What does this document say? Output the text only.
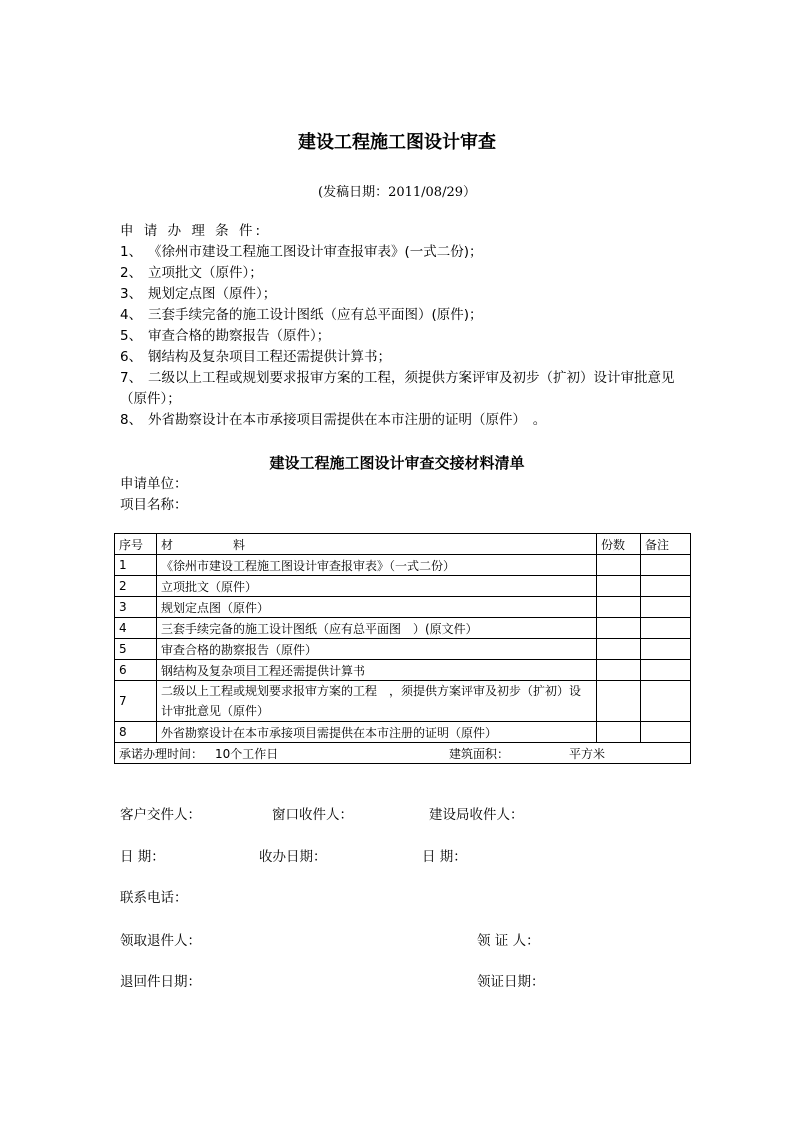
建设工程施工图设计审查
(发稿日期：2011/08/29）
申 请 办 理 条 件:
1、 《徐州市建设工程施工图设计审查报审表》(一式二份)；
2、 立项批文（原件）；
3、 规划定点图（原件）；
4、 三套手续完备的施工设计图纸（应有总平面图）(原件)；
5、 审查合格的勘察报告（原件）；
6、 钢结构及复杂项目工程还需提供计算书；
7、 二级以上工程或规划要求报审方案的工程，须提供方案评审及初步（扩初）设计审批意见（原件）；
8、 外省勘察设计在本市承接项目需提供在本市注册的证明（原件）　。
建设工程施工图设计审查交接材料清单
申请单位：
项目名称：
序号	材　　　　　料	份数	备注
1	《徐州市建设工程施工图设计审查报审表》（一式二份）		
2	立项批文（原件）		
3	规划定点图（原件）		
4	三套手续完备的施工设计图纸（应有总平面图　）(原文件）		
5	审查合格的勘察报告（原件）		
6	钢结构及复杂项目工程还需提供计算书		
7	二级以上工程或规划要求报审方案的工程　，须提供方案评审及初步（扩初）设计审批意见（原件）		
8	外省勘察设计在本市承接项目需提供在本市注册的证明（原件）		

承诺办理时间： 10个工作日 建筑面积： 平方米			
客户交件人：	窗口收件人：	建设局收件人：
日 期：	收办日期：	日 期：
联系电话：
领取退件人：	领 证 人：
退回件日期：	领证日期：
